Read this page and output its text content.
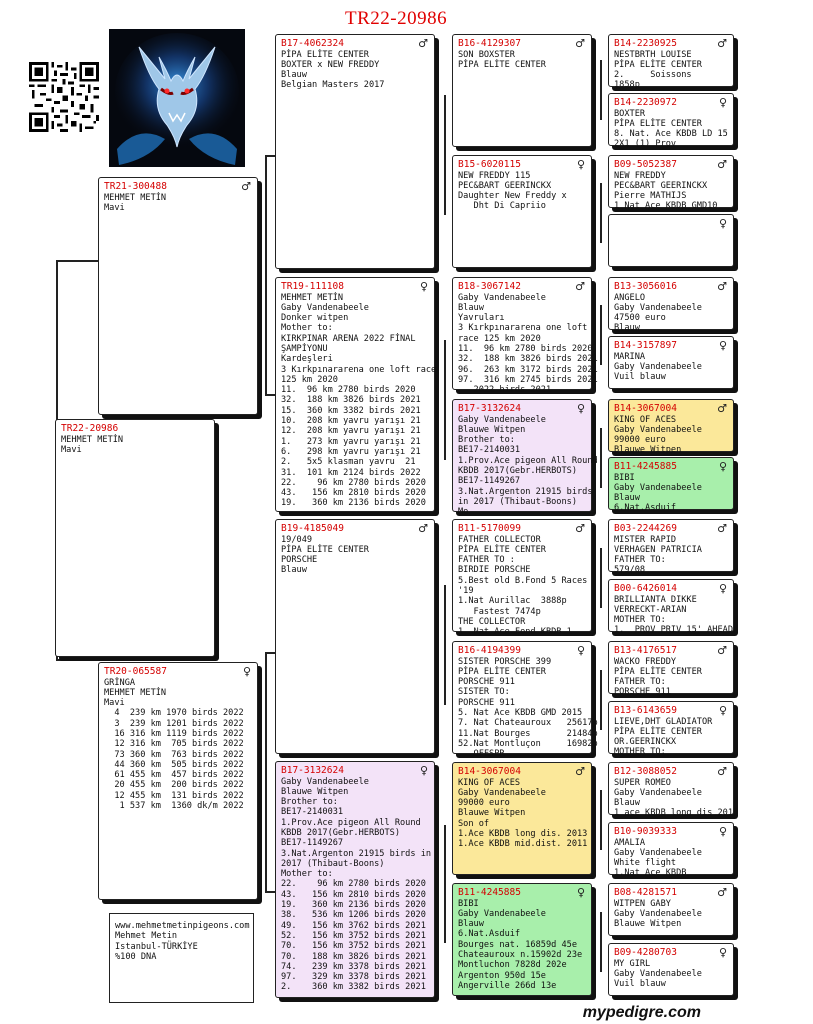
TR22-20986
TR22-20986
MEHMET METİN
Mavi
TR21-300488	♂
MEHMET METİN
Mavi
TR20-065587	♀
GRİNGA
MEHMET METİN
Mavi
4  239 km 1970 birds 2022
3  239 km 1201 birds 2022
16 316 km 1119 birds 2022
12 316 km  705 birds 2022
73 360 km  763 birds 2022
44 360 km  505 birds 2022
61 455 km  457 birds 2022
20 455 km  200 birds 2022
12 455 km  131 birds 2022
1 537 km  1360 dk/m 2022
B17-4062324	♂
PİPA ELİTE CENTER
BOXTER x NEW FREDDY
Blauw
Belgian Masters 2017
TR19-111108	♀
MEHMET METİN
Gaby Vandenabeele
Donker witpen
Mother to:
KIRKPINAR ARENA 2022 FİNAL
ŞAMPİYONU
Kardeşleri
3 Kırkpınararena one loft race
125 km 2020
11.  96 km 2780 birds 2020
32.  188 km 3826 birds 2021
15.  360 km 3382 birds 2021
10.  208 km yavru yarışı 21
12.  208 km yavru yarışı 21
1.   273 km yavru yarışı 21
6.   298 km yavru yarışı 21
2.   5x5 klasman yavru  21
31.  101 km 2124 birds 2022
22.    96 km 2780 birds 2020
43.   156 km 2810 birds 2020
19.   360 km 2136 birds 2020
B19-4185049	♂
19/049
PİPA ELİTE CENTER
PORSCHE
Blauw
B17-3132624	♀
Gaby Vandenabeele
Blauwe Witpen
Brother to:
BE17-2140031
1.Prov.Ace pigeon All Round
KBDB 2017(Gebr.HERBOTS)
BE17-1149267
3.Nat.Argenton 21915 birds in
2017 (Thibaut-Boons)
Mother to:
22.    96 km 2780 birds 2020
43.   156 km 2810 birds 2020
19.   360 km 2136 birds 2020
38.   536 km 1206 birds 2020
49.   156 km 3762 birds 2021
52.   156 km 3752 birds 2021
70.   156 km 3752 birds 2021
70.   188 km 3826 birds 2021
74.   239 km 3378 birds 2021
97.   329 km 3378 birds 2021
2.    360 km 3382 birds 2021
B16-4129307	♂
SON BOXSTER
PİPA ELİTE CENTER
B15-6020115	♀
NEW FREDDY 115
PEC&BART GEERINCKX
Daughter New Freddy x
Dht Di Capriio
B18-3067142	♂
Gaby Vandenabeele
Blauw
Yavruları
3 Kırkpınararena one loft
race 125 km 2020
11.  96 km 2780 birds 2020
32.  188 km 3826 birds 2021
96.  263 km 3172 birds 2021
97.  316 km 2745 birds 2021
2022 birds 2021
B17-3132624	♀
Gaby Vandenabeele
Blauwe Witpen
Brother to:
BE17-2140031
1.Prov.Ace pigeon All Round
KBDB 2017(Gebr.HERBOTS)
BE17-1149267
3.Nat.Argenton 21915 birds
in 2017 (Thibaut-Boons)
Mo
B11-5170099	♂
FATHER COLLECTOR
PİPA ELİTE CENTER
FATHER TO :
BIRDIE PORSCHE
5.Best old B.Fond 5 Races
'19
1.Nat Aurillac  3888p
Fastest 7474p
THE COLLECTOR
1  Nat Ace Fond KBDB 1
B16-4194399	♀
SISTER PORSCHE 399
PİPA ELİTE CENTER
PORSCHE 911
SISTER TO:
PORSCHE 911
5. Nat Ace KBDB GMD 2015
7. Nat Chateauroux   25617p
11.Nat Bourges       21484p
52.Nat Montluçon     16982p
OFFSPR
B14-3067004	♂
KING OF ACES
Gaby Vandenabeele
99000 euro
Blauwe Witpen
Son of
1.Ace KBDB long dis. 2013
1.Ace KBDB mid.dist. 2011
B11-4245885	♀
BIBI
Gaby Vandenabeele
Blauw
6.Nat.Asduif
Bourges nat. 16859d 45e
Chateauroux n.15902d 23e
Montluchon 7828d 202e
Argenton 950d 15e
Angerville 266d 13e
B14-2230925	♂
NESTBRTH LOUISE
PİPA ELİTE CENTER
2.     Soissons
1858p
B14-2230972	♀
BOXTER
PİPA ELİTE CENTER
8. Nat. Ace KBDB LD 15
2X1 (1) Prov
B09-5052387	♂
NEW FREDDY
PEC&BART GEERINCKX
Pierre MATHIJS
1 Nat Ace KBDB GMD10
♀
B13-3056016	♂
ANGELO
Gaby Vandenabeele
47500 euro
Blauw
B14-3157897	♀
MARINA
Gaby Vandenabeele
Vuil blauw
B14-3067004	♂
KING OF ACES
Gaby Vandenabeele
99000 euro
Blauwe Witpen
B11-4245885	♀
BIBI
Gaby Vandenabeele
Blauw
6.Nat.Asduif
B03-2244269	♂
MISTER RAPID
VERHAGEN PATRICIA
FATHER TO:
579/08
B00-6426014	♀
BRILLIANTA DIKKE
VERRECKT-ARIAN
MOTHER TO:
1.  PROV PRIV 15' AHEAD
B13-4176517	♂
WACKO FREDDY
PİPA ELİTE CENTER
FATHER TO:
PORSCHE 911
B13-6143659	♀
LIEVE,DHT GLADIATOR
PİPA ELİTE CENTER
OR.GEERINCKX
MOTHER TO:
B12-3088052	♂
SUPER ROMEO
Gaby Vandenabeele
Blauw
1 ace KBDB long dis 2013
B10-9039333	♀
AMALIA
Gaby Vandenabeele
White flight
1.Nat Ace KBDB
B08-4281571	♂
WITPEN GABY
Gaby Vandenabeele
Blauwe Witpen
B09-4280703	♀
MY GIRL
Gaby Vandenabeele
Vuil blauw
www.mehmetmetinpigeons.com
Mehmet Metin
Istanbul-TÜRKİYE
%100 DNA
mypedigre.com
